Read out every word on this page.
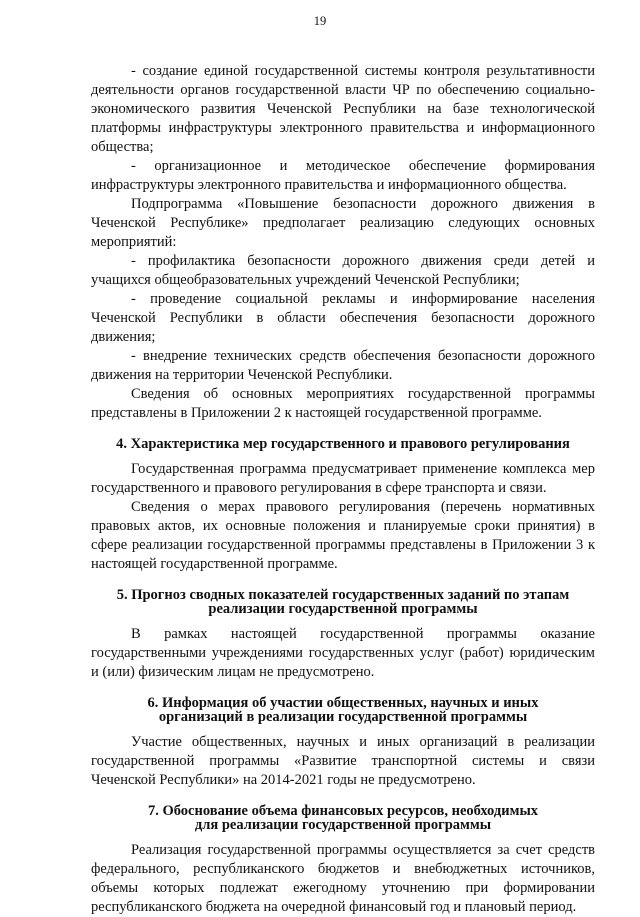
19

- создание единой государственной системы контроля результативности деятельности органов государственной власти ЧР по обеспечению социально-экономического развития Чеченской Республики на базе технологической платформы инфраструктуры электронного правительства и информационного общества;

- организационное и методическое обеспечение формирования инфраструктуры электронного правительства и информационного общества.

Подпрограмма «Повышение безопасности дорожного движения в Чеченской Республике» предполагает реализацию следующих основных мероприятий:

- профилактика безопасности дорожного движения среди детей и учащихся общеобразовательных учреждений Чеченской Республики;

- проведение социальной рекламы и информирование населения Чеченской Республики в области обеспечения безопасности дорожного движения;

- внедрение технических средств обеспечения безопасности дорожного движения на территории Чеченской Республики.

Сведения об основных мероприятиях государственной программы представлены в Приложении 2 к настоящей государственной программе.

4. Характеристика мер государственного и правового регулирования

Государственная программа предусматривает применение комплекса мер государственного и правового регулирования в сфере транспорта и связи.

Сведения о мерах правового регулирования (перечень нормативных правовых актов, их основные положения и планируемые сроки принятия) в сфере реализации государственной программы представлены в Приложении 3 к настоящей государственной программе.

5. Прогноз сводных показателей государственных заданий по этапам
реализации государственной программы

В рамках настоящей государственной программы оказание государственными учреждениями государственных услуг (работ) юридическим и (или) физическим лицам не предусмотрено.

6. Информация об участии общественных, научных и иных
организаций в реализации государственной программы

Участие общественных, научных и иных организаций в реализации государственной программы «Развитие транспортной системы и связи Чеченской Республики» на 2014-2021 годы не предусмотрено.

7. Обоснование объема финансовых ресурсов, необходимых
для реализации государственной программы

Реализация государственной программы осуществляется за счет средств федерального, республиканского бюджетов и внебюджетных источников, объемы которых подлежат ежегодному уточнению при формировании республиканского бюджета на очередной финансовый год и плановый период.
